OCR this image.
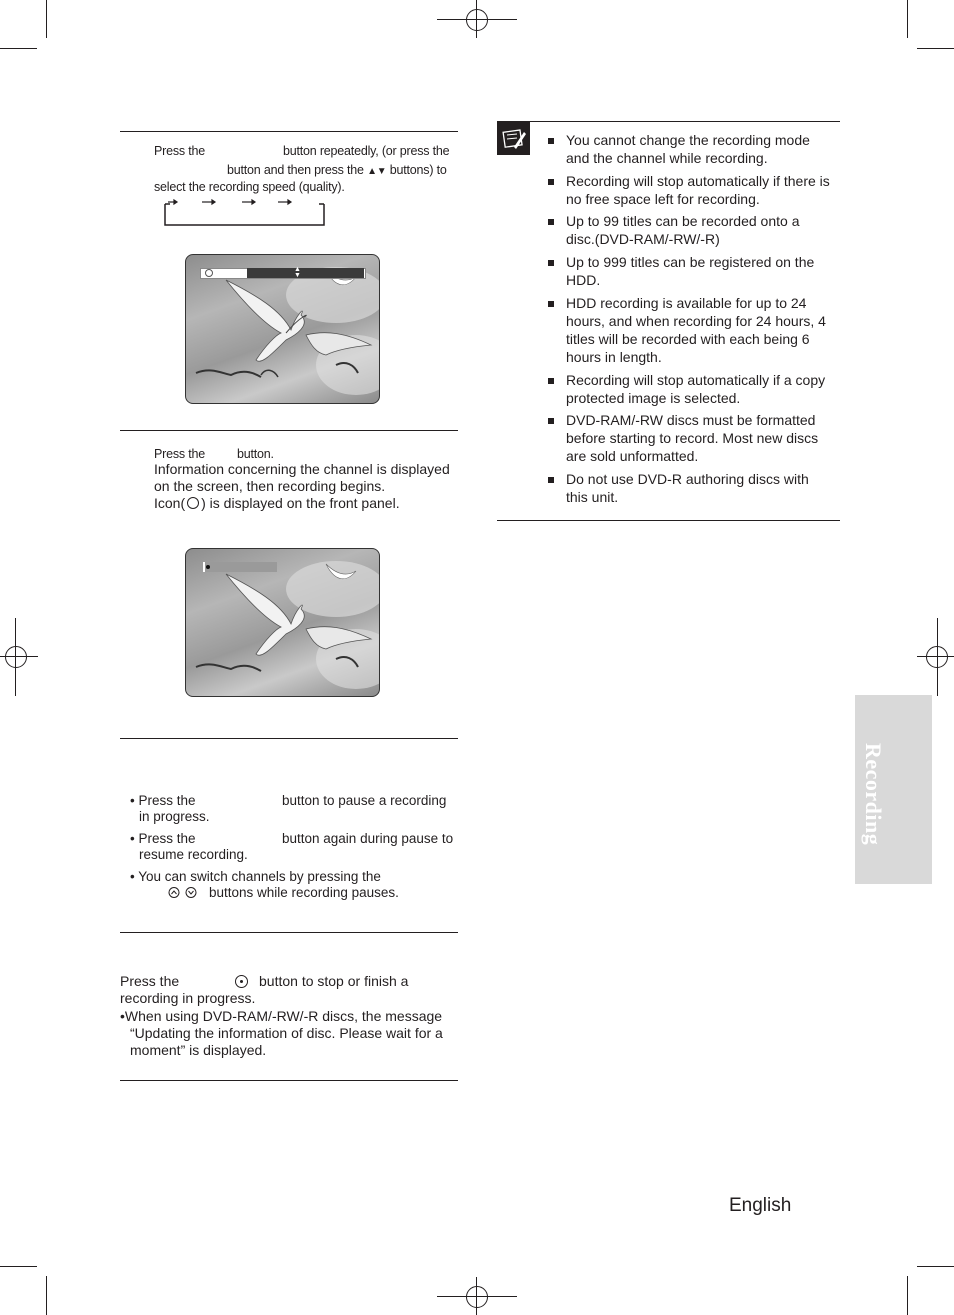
Press the	button repeatedly, (or press the
button and then press the ▲▼ buttons) to
select the recording speed (quality).
▲
▼
Press the	button.
Information concerning the channel is displayed
on the screen, then recording begins.
Icon( ) is displayed on the front panel.
• Press the	button to pause a recording
in progress.
• Press the	button again during pause to
resume recording.
• You can switch channels by pressing the
buttons while recording pauses.
Press the	button to stop or finish a
recording in progress.
•When using DVD-RAM/-RW/-R discs, the message
“Updating the information of disc. Please wait for a
moment” is displayed.
You cannot change the recording mode
and the channel while recording.
Recording will stop automatically if there is
no free space left for recording.
Up to 99 titles can be recorded onto a
disc.(DVD-RAM/-RW/-R)
Up to 999 titles can be registered on the
HDD.
HDD recording is available for up to 24
hours, and when recording for 24 hours, 4
titles will be recorded with each being 6
hours in length.
Recording will stop automatically if a copy
protected image is selected.
DVD-RAM/-RW discs must be formatted
before starting to record. Most new discs
are sold unformatted.
Do not use DVD-R authoring discs with
this unit.
Recording
English
